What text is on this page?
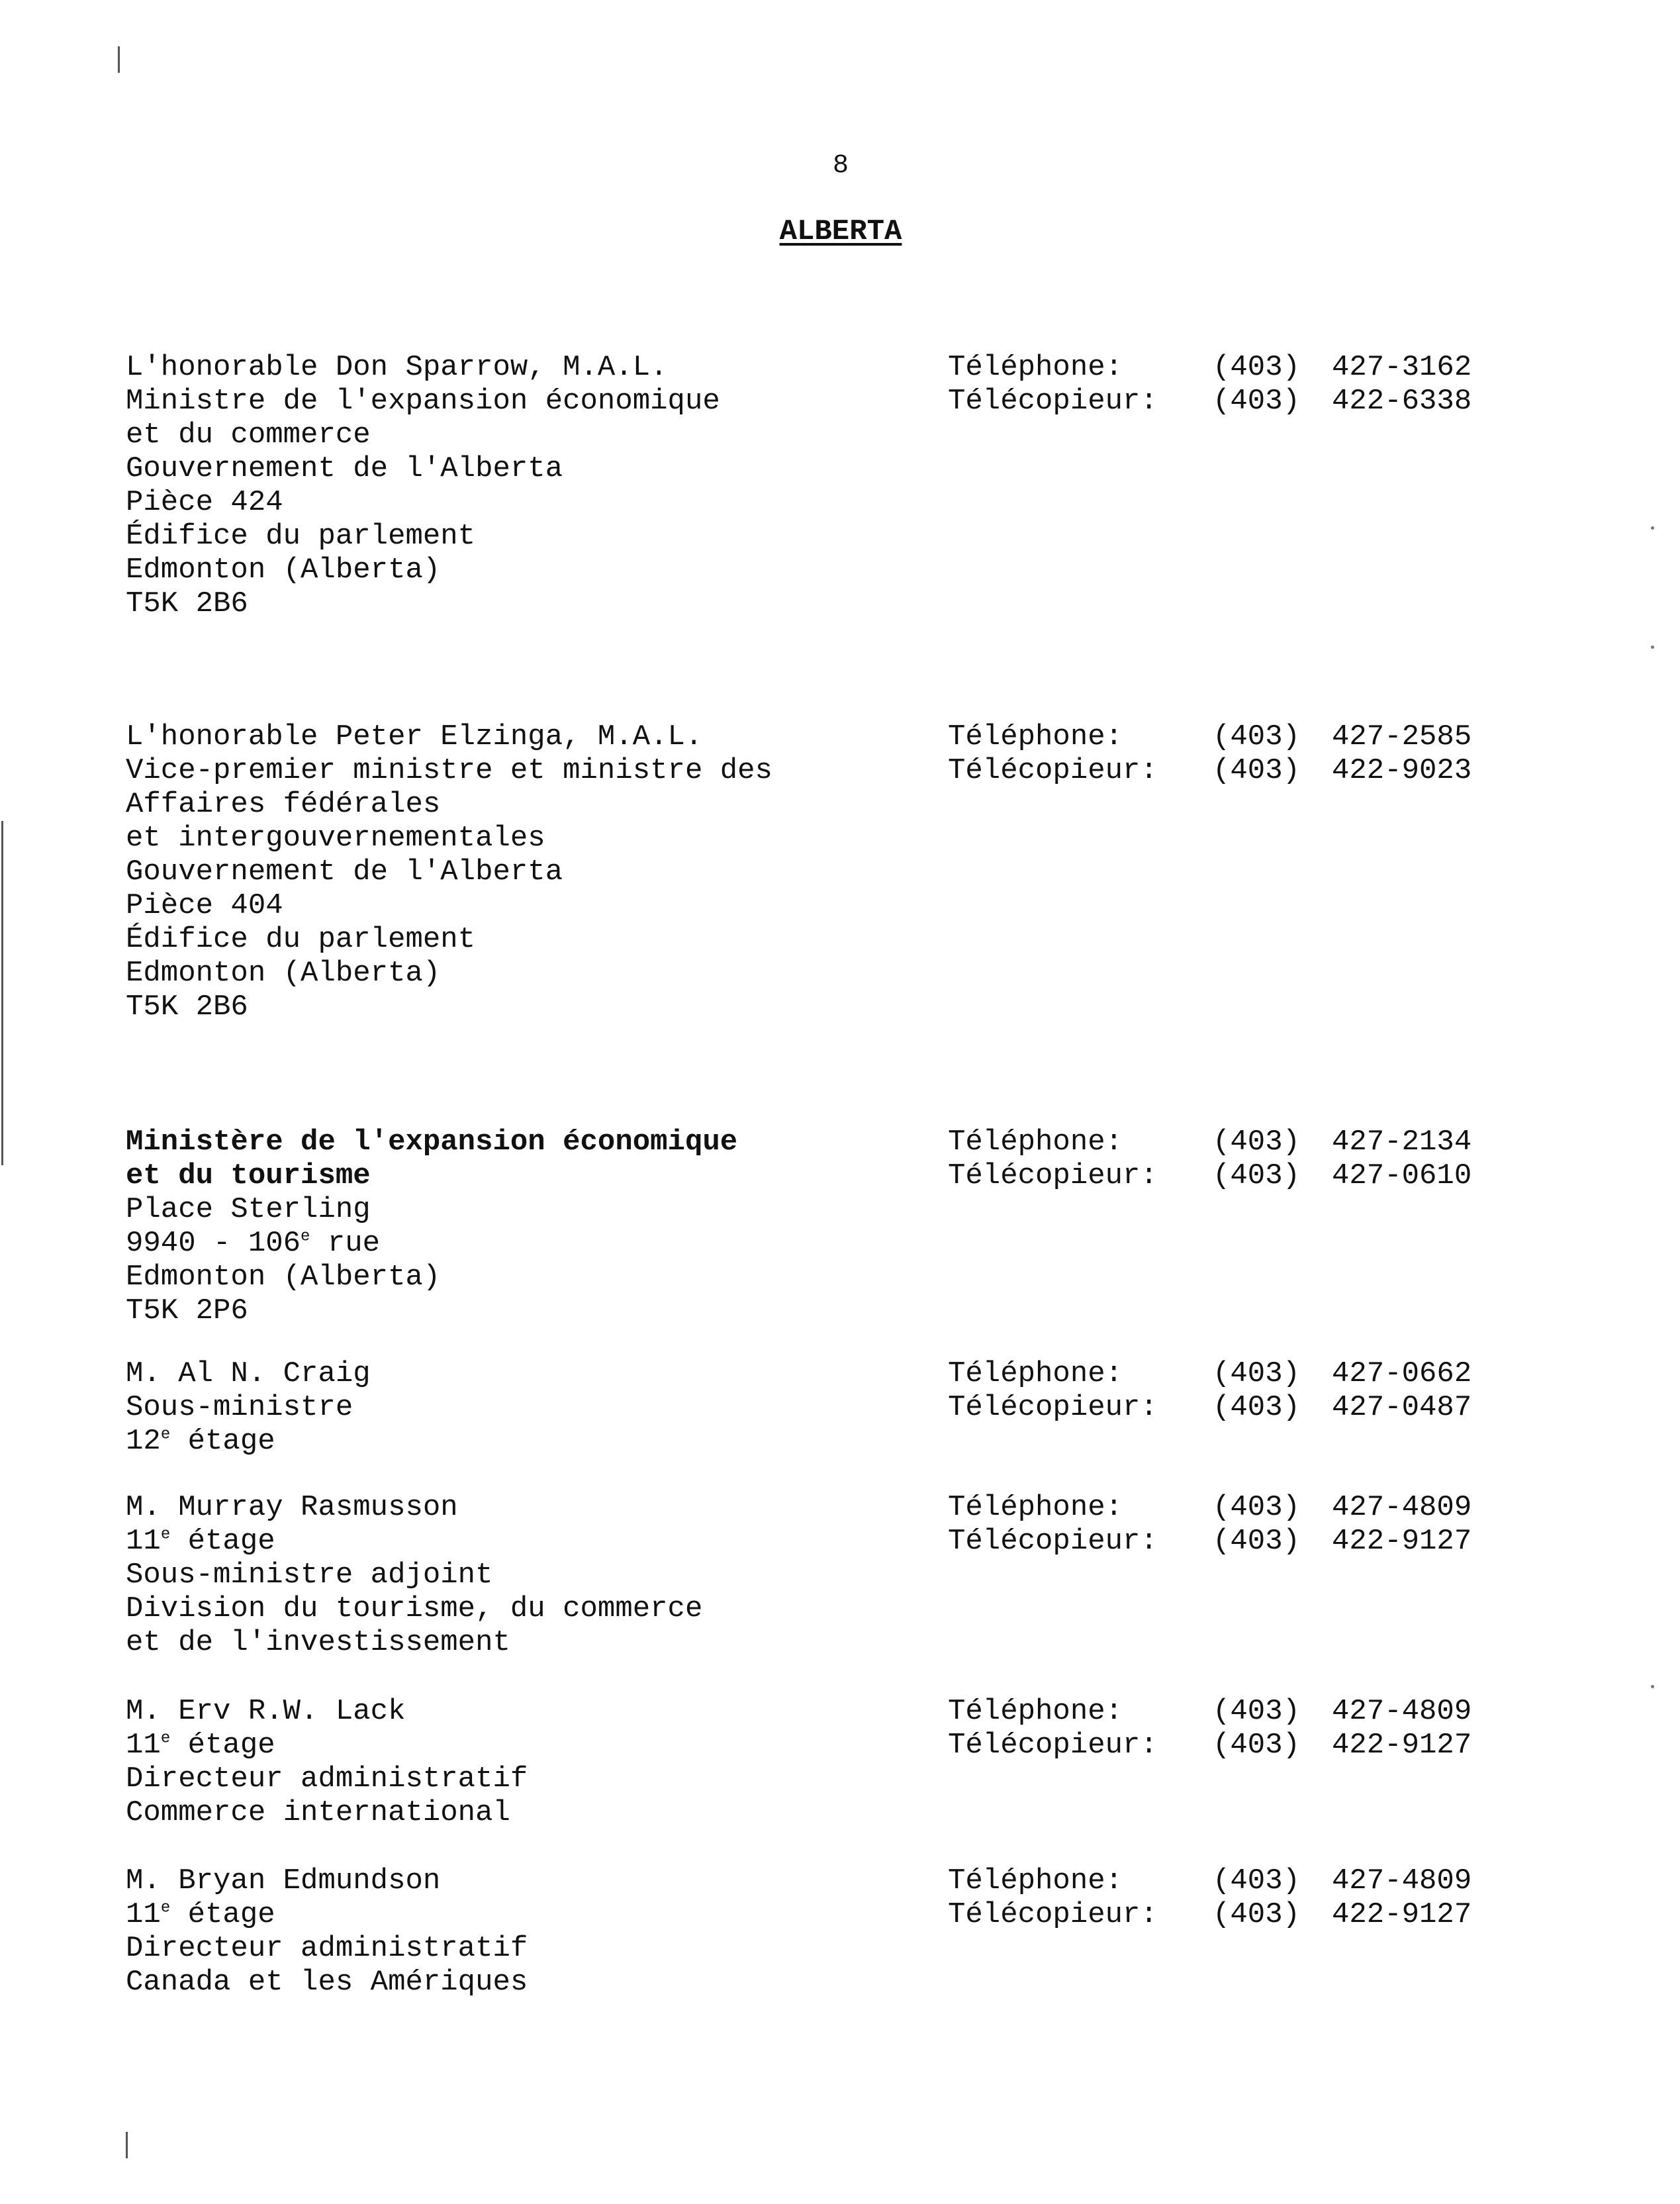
8
ALBERTA
L'honorable Don Sparrow, M.A.L.
Ministre de l'expansion économique
et du commerce
Gouvernement de l'Alberta
Pièce 424
Édifice du parlement
Edmonton (Alberta)
T5K 2B6
Téléphone:	(403)	427-3162
Télécopieur:	(403)	422-6338
L'honorable Peter Elzinga, M.A.L.
Vice-premier ministre et ministre des
Affaires fédérales
et intergouvernementales
Gouvernement de l'Alberta
Pièce 404
Édifice du parlement
Edmonton (Alberta)
T5K 2B6
Téléphone:	(403)	427-2585
Télécopieur:	(403)	422-9023
Ministère de l'expansion économique
et du tourisme
Place Sterling
9940 - 106e rue
Edmonton (Alberta)
T5K 2P6
Téléphone:	(403)	427-2134
Télécopieur:	(403)	427-0610
M. Al N. Craig
Sous-ministre
12e étage
Téléphone:	(403)	427-0662
Télécopieur:	(403)	427-0487
M. Murray Rasmusson
11e étage
Sous-ministre adjoint
Division du tourisme, du commerce
et de l'investissement
Téléphone:	(403)	427-4809
Télécopieur:	(403)	422-9127
M. Erv R.W. Lack
11e étage
Directeur administratif
Commerce international
Téléphone:	(403)	427-4809
Télécopieur:	(403)	422-9127
M. Bryan Edmundson
11e étage
Directeur administratif
Canada et les Amériques
Téléphone:	(403)	427-4809
Télécopieur:	(403)	422-9127
